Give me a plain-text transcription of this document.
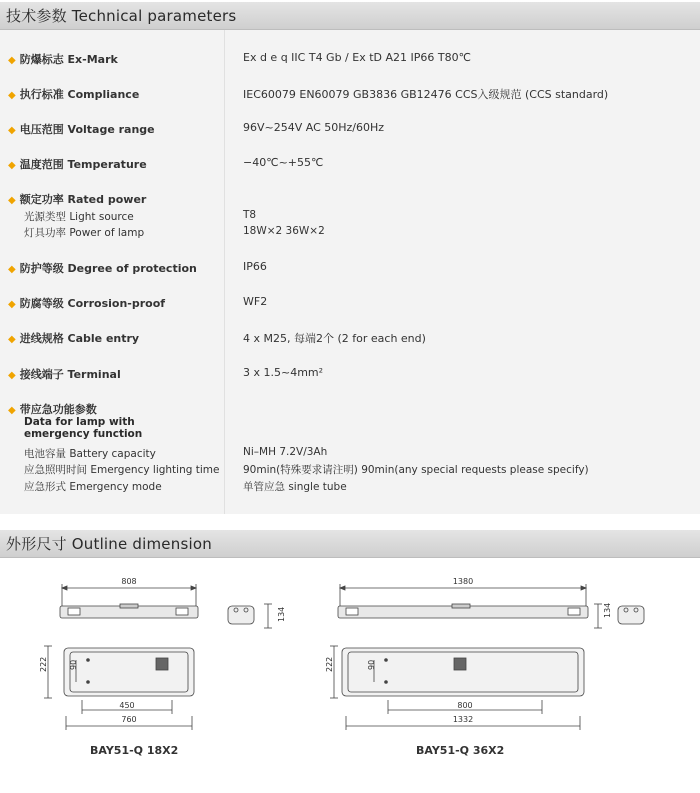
技术参数 Technical parameters
◆ 防爆标志 Ex-Mark	Ex d e q IIC T4 Gb / Ex tD A21 IP66 T80℃
◆ 执行标准 Compliance	IEC60079 EN60079 GB3836 GB12476 CCS入级规范 (CCS standard)
◆ 电压范围 Voltage range	96V~254V AC 50Hz/60Hz
◆ 温度范围 Temperature	−40℃~+55℃
◆ 额定功率 Rated power
光源类型 Light source	T8
灯具功率 Power of lamp	18W×2 36W×2
◆ 防护等级 Degree of protection	IP66
◆ 防腐等级 Corrosion-proof	WF2
◆ 进线规格 Cable entry	4 x M25, 每端2个 (2 for each end)
◆ 接线端子 Terminal	3 x 1.5~4mm²
◆ 带应急功能参数
Data for lamp with
emergency function
电池容量 Battery capacity	Ni–MH 7.2V/3Ah
应急照明时间 Emergency lighting time 90min(特殊要求请注明) 90min(any special requests please specify)
应急形式 Emergency mode	单管应急 single tube
外形尺寸 Outline dimension
808
134
222	90
450
760
1380
134
222	90
800
1332
BAY51-Q 18X2	BAY51-Q 36X2
